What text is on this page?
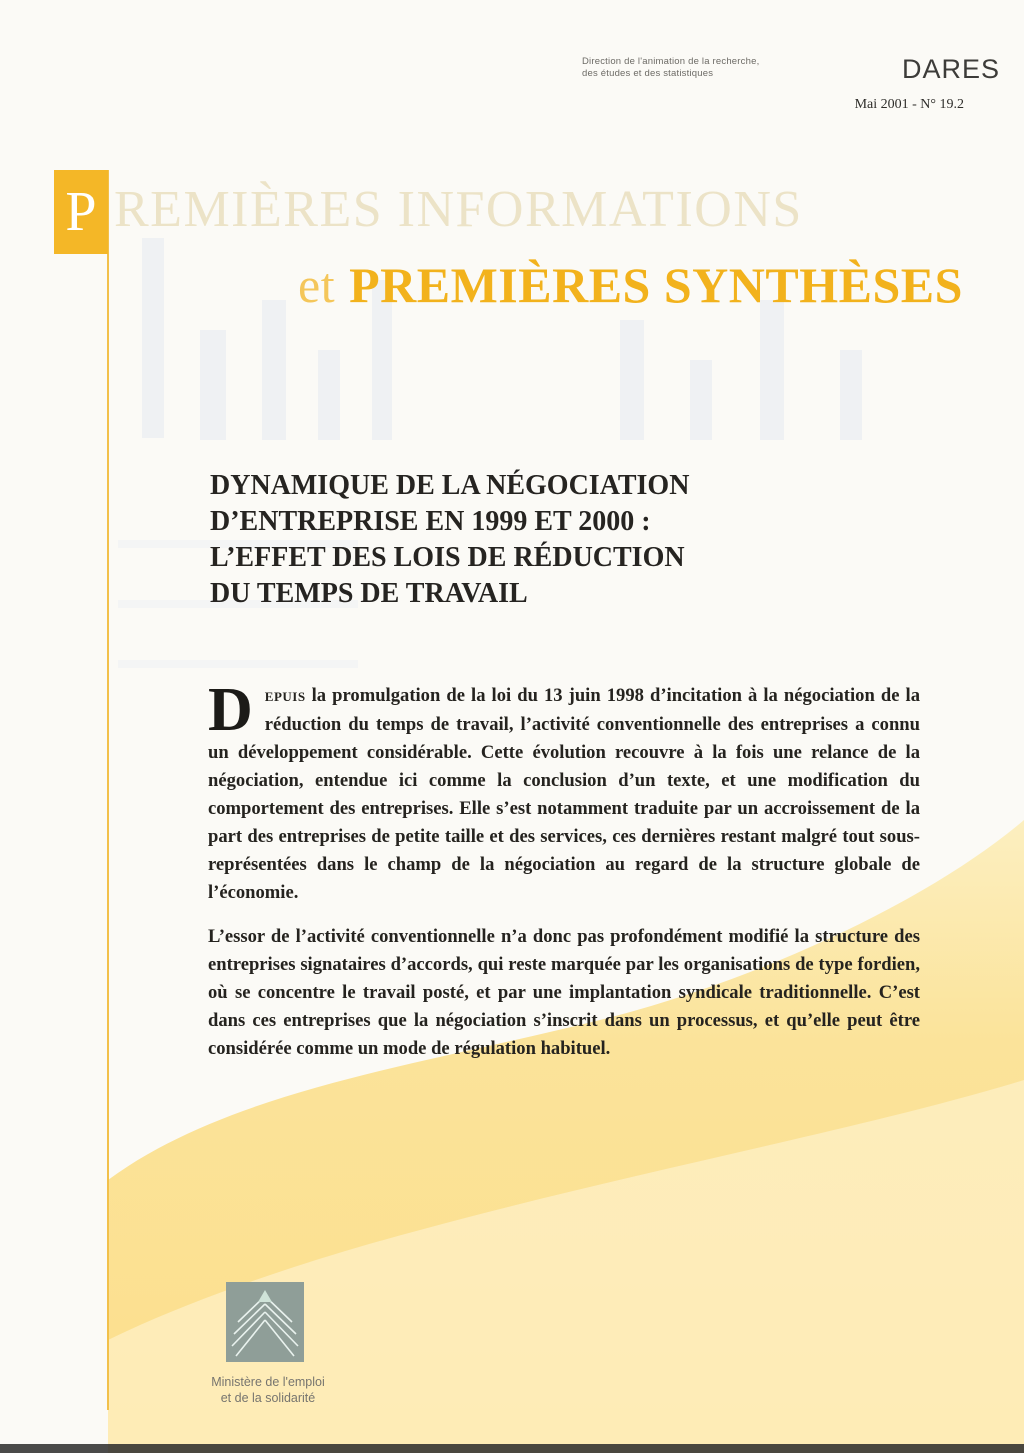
Direction de l'animation de la recherche,
des études et des statistiques	DARES
Mai 2001 - N° 19.2
P REMIÈRES INFORMATIONS
et PREMIÈRES SYNTHÈSES
DYNAMIQUE DE LA NÉGOCIATION
D’ENTREPRISE EN 1999 ET 2000 :
L’EFFET DES LOIS DE RÉDUCTION
DU TEMPS DE TRAVAIL

DEPUIS la promulgation de la loi du 13 juin 1998 d’incitation à la négociation de la réduction du temps de travail, l’activité conventionnelle des entreprises a connu un développement considérable. Cette évolution recouvre à la fois une relance de la négociation, entendue ici comme la conclusion d’un texte, et une modification du comportement des entreprises. Elle s’est notamment traduite par un accroissement de la part des entreprises de petite taille et des services, ces dernières restant malgré tout sous-représentées dans le champ de la négociation au regard de la structure globale de l’économie.

L’essor de l’activité conventionnelle n’a donc pas profondément modifié la structure des entreprises signataires d’accords, qui reste marquée par les organisations de type fordien, où se concentre le travail posté, et par une implantation syndicale traditionnelle. C’est dans ces entreprises que la négociation s’inscrit dans un processus, et qu’elle peut être considérée comme un mode de régulation habituel.

Ministère de l'emploi
et de la solidarité
